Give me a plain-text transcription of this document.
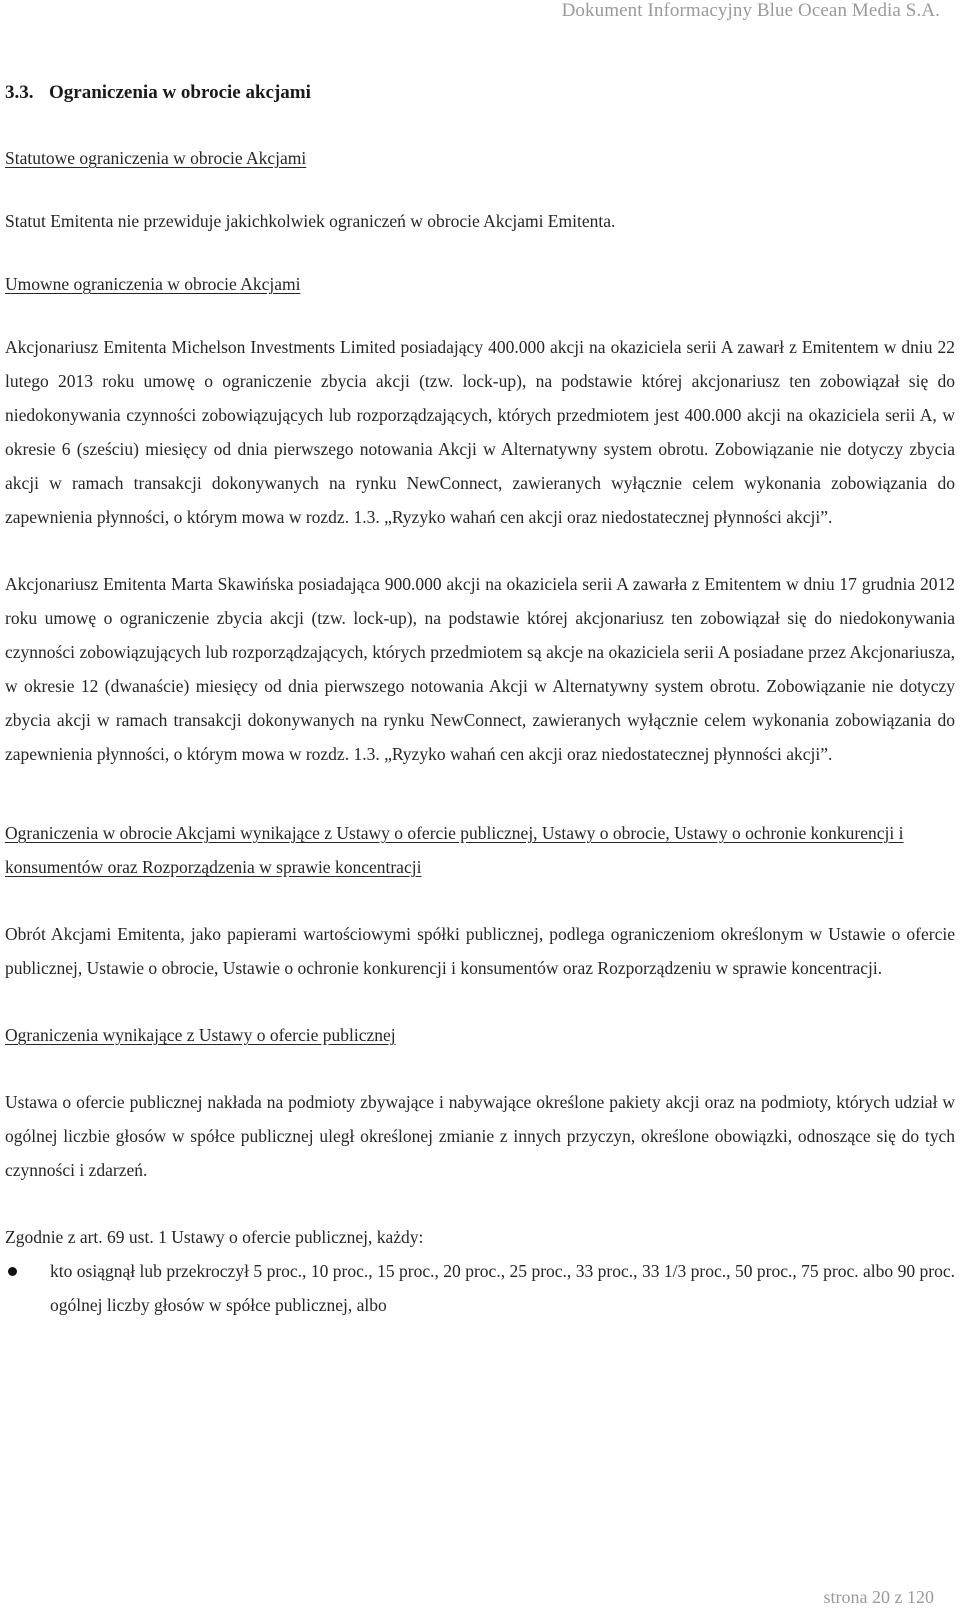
Dokument Informacyjny Blue Ocean Media S.A.
3.3. Ograniczenia w obrocie akcjami
Statutowe ograniczenia w obrocie Akcjami

Statut Emitenta nie przewiduje jakichkolwiek ograniczeń w obrocie Akcjami Emitenta.

Umowne ograniczenia w obrocie Akcjami

Akcjonariusz Emitenta Michelson Investments Limited posiadający 400.000 akcji na okaziciela serii A zawarł z Emitentem w dniu 22 lutego 2013 roku umowę o ograniczenie zbycia akcji (tzw. lock-up), na podstawie której akcjonariusz ten zobowiązał się do niedokonywania czynności zobowiązujących lub rozporządzających, których przedmiotem jest 400.000 akcji na okaziciela serii A, w okresie 6 (sześciu) miesięcy od dnia pierwszego notowania Akcji w Alternatywny system obrotu. Zobowiązanie nie dotyczy zbycia akcji w ramach transakcji dokonywanych na rynku NewConnect, zawieranych wyłącznie celem wykonania zobowiązania do zapewnienia płynności, o którym mowa w rozdz. 1.3. „Ryzyko wahań cen akcji oraz niedostatecznej płynności akcji”.

Akcjonariusz Emitenta Marta Skawińska posiadająca 900.000 akcji na okaziciela serii A zawarła z Emitentem w dniu 17 grudnia 2012 roku umowę o ograniczenie zbycia akcji (tzw. lock-up), na podstawie której akcjonariusz ten zobowiązał się do niedokonywania czynności zobowiązujących lub rozporządzających, których przedmiotem są akcje na okaziciela serii A posiadane przez Akcjonariusza, w okresie 12 (dwanaście) miesięcy od dnia pierwszego notowania Akcji w Alternatywny system obrotu. Zobowiązanie nie dotyczy zbycia akcji w ramach transakcji dokonywanych na rynku NewConnect, zawieranych wyłącznie celem wykonania zobowiązania do zapewnienia płynności, o którym mowa w rozdz. 1.3. „Ryzyko wahań cen akcji oraz niedostatecznej płynności akcji”.

Ograniczenia w obrocie Akcjami wynikające z Ustawy o ofercie publicznej, Ustawy o obrocie, Ustawy o ochronie konkurencji i konsumentów oraz Rozporządzenia w sprawie koncentracji

Obrót Akcjami Emitenta, jako papierami wartościowymi spółki publicznej, podlega ograniczeniom określonym w Ustawie o ofercie publicznej, Ustawie o obrocie, Ustawie o ochronie konkurencji i konsumentów oraz Rozporządzeniu w sprawie koncentracji.

Ograniczenia wynikające z Ustawy o ofercie publicznej

Ustawa o ofercie publicznej nakłada na podmioty zbywające i nabywające określone pakiety akcji oraz na podmioty, których udział w ogólnej liczbie głosów w spółce publicznej uległ określonej zmianie z innych przyczyn, określone obowiązki, odnoszące się do tych czynności i zdarzeń.

Zgodnie z art. 69 ust. 1 Ustawy o ofercie publicznej, każdy:

kto osiągnął lub przekroczył 5 proc., 10 proc., 15 proc., 20 proc., 25 proc., 33 proc., 33 1/3 proc., 50 proc., 75 proc. albo 90 proc. ogólnej liczby głosów w spółce publicznej, albo
strona 20 z 120
